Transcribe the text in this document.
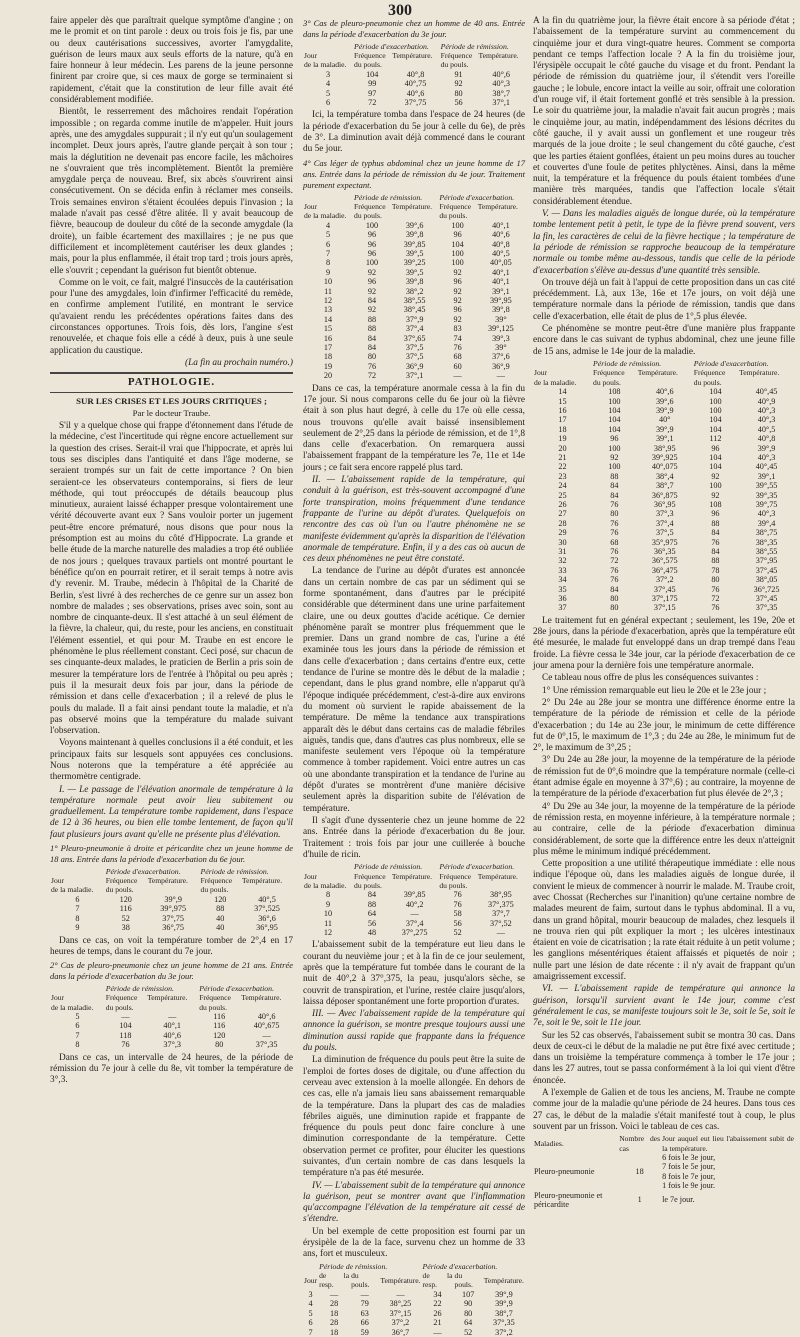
300

faire appeler dès que paraîtrait quelque symptôme d'angine ; on me le promit et on tint parole : deux ou trois fois je fis, par une ou deux cautérisations successives, avorter l'amygdalite, guérison de leurs maux aux seuls efforts de la nature, qu'à en faire honneur à leur médecin. Les parens de la jeune personne finirent par croire que, si ces maux de gorge se terminaient si rapidement, c'était que la constitution de leur fille avait été considérablement modifiée.

Bientôt, le resserrement des mâchoires rendait l'opération impossible ; on regarda comme inutile de m'appeler. Huit jours après, une des amygdales suppurait ; il n'y eut qu'un soulagement incomplet. Deux jours après, l'autre glande perçait à son tour ; mais la déglutition ne devenait pas encore facile, les mâchoires ne s'ouvraient que très incomplètement. Bientôt la première amygdale perça de nouveau. Bref, six abcès s'ouvrirent ainsi consécutivement. On se décida enfin à réclamer mes conseils. Trois semaines environ s'étaient écoulées depuis l'invasion ; la malade n'avait pas cessé d'être alitée. Il y avait beaucoup de fièvre, beaucoup de douleur du côté de la seconde amygdale (la droite), un faible écartement des maxillaires ; je ne pus que difficilement et incomplètement cautériser les deux glandes ; mais, pour la plus enflammée, il était trop tard ; trois jours après, elle s'ouvrit ; cependant la guérison fut bientôt obtenue.

Comme on le voit, ce fait, malgré l'insuccès de la cautérisation pour l'une des amygdales, loin d'infirmer l'efficacité du remède, en confirme amplement l'utilité, en montrant le service qu'avaient rendu les précédentes opérations faites dans des circonstances opportunes. Trois fois, dès lors, l'angine s'est renouvelée, et chaque fois elle a cédé à deux, puis à une seule application du caustique.

(La fin au prochain numéro.)

PATHOLOGIE.
SUR LES CRISES ET LES JOURS CRITIQUES ;
Par le docteur Traube.

S'il y a quelque chose qui frappe d'étonnement dans l'étude de la médecine, c'est l'incertitude qui règne encore actuellement sur la question des crises. Serait-il vrai que l'hippocrate, et après lui tous ses disciples dans l'antiquité et dans l'âge moderne, se seraient trompés sur un fait de cette importance ? On bien seraient-ce les observateurs contemporains, si fiers de leur méthode, qui tout préoccupés de détails beaucoup plus minutieux, auraient laissé échapper presque volontairement une vérité découverte avant eux ? Sans vouloir porter un jugement peut-être encore prématuré, nous disons que pour nous la présomption est au moins du côté d'Hippocrate. La grande et belle étude de la marche naturelle des maladies a trop été oubliée de nos jours ; quelques travaux partiels ont montré pourtant le bénéfice qu'on en pourrait retirer, et il serait temps à notre avis d'y revenir. M. Traube, médecin à l'hôpital de la Charité de Berlin, s'est livré à des recherches de ce genre sur un assez bon nombre de malades ; ses observations, prises avec soin, sont au nombre de cinquante-deux. Il s'est attaché à un seul élément de la fièvre, la chaleur, qui, du reste, pour les anciens, en constituait l'élément essentiel, et qui pour M. Traube en est encore le phénomène le plus réellement constant. Ceci posé, sur chacun de ses cinquante-deux malades, le praticien de Berlin a pris soin de mesurer la température lors de l'entrée à l'hôpital ou peu après ; puis il la mesurait deux fois par jour, dans la période de rémission et dans celle d'exacerbation ; il a relevé de plus le pouls du malade. Il a fait ainsi pendant toute la maladie, et n'a pas observé moins que la température du malade suivant l'observation.

Voyons maintenant à quelles conclusions il a été conduit, et les principaux faits sur lesquels sont appuyées ces conclusions. Nous noterons que la température a été appréciée au thermomètre centigrade.

I. — Le passage de l'élévation anormale de température à la température normale peut avoir lieu subitement ou graduellement. La température tombe rapidement, dans l'espace de 12 à 36 heures, ou bien elle tombe lentement, de façon qu'il faut plusieurs jours avant qu'elle ne présente plus d'élévation.

1° Pleuro-pneumonie à droite et péricardite chez un jeune homme de 18 ans. Entrée dans la période d'exacerbation du 6e jour.

	Période d'exacerbation.		Période de rémission.	
Jour	Fréquence	Température.	Fréquence	Température.
de la maladie.	du pouls.		du pouls.	
6	120	39°,9	120	40°,5
7	116	39°,975	88	37°,525
8	52	37°,75	40	36°,6
9	38	36°,75	40	36°,95

Dans ce cas, on voit la température tomber de 2°,4 en 17 heures de temps, dans le courant du 7e jour.

2° Cas de pleuro-pneumonie chez un jeune homme de 21 ans. Entrée dans la période d'exacerbation du 3e jour.

	Période de rémission.		Période d'exacerbation.	
Jour	Fréquence	Température.	Fréquence	Température.
de la maladie.	du pouls.		du pouls.	
5	—	—	116	40°,6
6	104	40°,1	116	40°,675
7	118	40°,6	120	—
8	76	37°,3	80	37°,35

Dans ce cas, un intervalle de 24 heures, de la période de rémission du 7e jour à celle du 8e, vit tomber la température de 3°,3.

3° Cas de pleuro-pneumonie chez un homme de 40 ans. Entrée dans la période d'exacerbation du 3e jour.

	Période d'exacerbation.		Période de rémission.	
Jour	Fréquence	Température.	Fréquence	Température.
de la maladie.	du pouls.		du pouls.	
3	104	40°,8	91	40°,6
4	99	40°,75	92	40°,3
5	97	40°,6	80	38°,7
6	72	37°,75	56	37°,1

Ici, la température tomba dans l'espace de 24 heures (de la période d'exacerbation du 5e jour à celle du 6e), de près de 3°. La diminution avait déjà commencé dans le courant du 5e jour.

4° Cas léger de typhus abdominal chez un jeune homme de 17 ans. Entrée dans la période de rémission du 4e jour. Traitement purement expectant.

	Période de rémission.		Période d'exacerbation.	
Jour	Fréquence	Température.	Fréquence	Température.
de la maladie.	du pouls.		du pouls.	
4	100	39°,6	100	40°,1
5	96	39°,8	96	40°,6
6	96	39°,85	104	40°,8
7	96	39°,5	100	40°,5
8	100	39°,25	100	40°,05
9	92	39°,5	92	40°,1
10	96	39°,8	96	40°,1
11	92	38°,2	92	39°,1
12	84	38°,55	92	39°,95
13	92	38°,45	96	39°,8
14	88	37°,9	92	39°
15	88	37°,4	83	39°,125
16	84	37°,65	74	39°,3
17	84	37°,5	76	39°
18	80	37°,5	68	37°,6
19	76	36°,9	60	36°,9
20	72	37°,1	—	—

Dans ce cas, la température anormale cessa à la fin du 17e jour. Si nous comparons celle du 6e jour où la fièvre était à son plus haut degré, à celle du 17e où elle cessa, nous trouvons qu'elle avait baissé insensiblement seulement de 2°,25 dans la période de rémission, et de 1°,8 dans celle d'exacerbation. On remarquera aussi l'abaissement frappant de la température les 7e, 11e et 14e jours ; ce fait sera encore rappelé plus tard.

II. — L'abaissement rapide de la température, qui conduit à la guérison, est très-souvent accompagné d'une forte transpiration, moins fréquemment d'une tendance frappante de l'urine au dépôt d'urates. Quelquefois on rencontre des cas où l'un ou l'autre phénomène ne se manifeste évidemment qu'après la disparition de l'élévation anormale de température. Enfin, il y a des cas où aucun de ces deux phénomènes ne peut être constaté.

La tendance de l'urine au dépôt d'urates est annoncée dans un certain nombre de cas par un sédiment qui se forme spontanément, dans d'autres par le précipité considérable que déterminent dans une urine parfaitement claire, une ou deux gouttes d'acide acétique. Ce dernier phénomène paraît se montrer plus fréquemment que le premier. Dans un grand nombre de cas, l'urine a été examinée tous les jours dans la période de rémission et dans celle d'exacerbation ; dans certains d'entre eux, cette tendance de l'urine se montre dès le début de la maladie ; cependant, dans le plus grand nombre, elle n'apparut qu'à l'époque indiquée précédemment, c'est-à-dire aux environs du moment où survient le rapide abaissement de la température. De même la tendance aux transpirations apparaît dès le début dans certains cas de maladie fébriles aiguës, tandis que, dans d'autres cas plus nombreux, elle se manifeste seulement vers l'époque où la température commence à tomber rapidement. Voici entre autres un cas où une abondante transpiration et la tendance de l'urine au dépôt d'urates se montrèrent d'une manière décisive seulement après la disparition subite de l'élévation de température.

Il s'agit d'une dyssenterie chez un jeune homme de 22 ans. Entrée dans la période d'exacerbation du 8e jour. Traitement : trois fois par jour une cuillerée à bouche d'huile de ricin.

	Période de rémission.		Période d'exacerbation.	
Jour	Fréquence	Température.	Fréquence	Température.
de la maladie.	du pouls.		du pouls.	
8	84	39°,85	76	38°,95
9	88	40°,2	76	37°,375
10	64	—	58	37°,7
11	56	37°,4	56	37°,52
12	48	37°,275	52	—

L'abaissement subit de la température eut lieu dans le courant du neuvième jour ; et à la fin de ce jour seulement, après que la température fut tombée dans le courant de la nuit de 40°,2 à 37°,375, la peau, jusqu'alors sèche, se couvrit de transpiration, et l'urine, restée claire jusqu'alors, laissa déposer spontanément une forte proportion d'urates.

III. — Avec l'abaissement rapide de la température qui annonce la guérison, se montre presque toujours aussi une diminution aussi rapide que frappante dans la fréquence du pouls.

La diminution de fréquence du pouls peut être la suite de l'emploi de fortes doses de digitale, ou d'une affection du cerveau avec extension à la moelle allongée. En dehors de ces cas, elle n'a jamais lieu sans abaissement remarquable de la température. Dans la plupart des cas de maladies fébriles aiguës, une diminution rapide et frappante de fréquence du pouls peut donc faire conclure à une diminution correspondante de la température. Cette observation permet ce profiter, pour éluciter les questions suivantes, d'un certain nombre de cas dans lesquels la température n'a pas été mesurée.

IV. — L'abaissement subit de la température qui annonce la guérison, peut se montrer avant que l'inflammation qu'accompagne l'élévation de la température ait cessé de s'étendre.

Un bel exemple de cette proposition est fourni par un érysipèle de la de la face, survenu chez un homme de 33 ans, fort et musculeux.

	Période de rémission.			Période d'exacerbation.		
Jour	de la resp.	du pouls.	Température.	de la resp.	du pouls.	Température.
3	—	—	—	34	107	39°,9
4	28	79	38°,25	22	90	39°,9
5	18	63	37°,15	26	80	38°,7
6	28	66	37°,2	21	64	37°,35
7	18	59	36°,7	—	52	37°,2

A la fin du quatrième jour, la fièvre était encore à sa période d'état ; l'abaissement de la température survint au commencement du cinquième jour et dura vingt-quatre heures. Comment se comporta pendant ce temps l'affection locale ? A la fin du troisième jour, l'érysipèle occupait le côté gauche du visage et du front. Pendant la période de rémission du quatrième jour, il s'étendit vers l'oreille gauche ; le lobule, encore intact la veille au soir, offrait une coloration d'un rouge vif, il était fortement gonflé et très sensible à la pression. Le soir du quatrième jour, la maladie n'avait fait aucun progrès ; mais le cinquième jour, au matin, indépendamment des lésions décrites du côté gauche, il y avait aussi un gonflement et une rougeur très marqués de la joue droite ; le seul changement du côté gauche, c'est que les parties étaient gonflées, étaient un peu moins dures au toucher et couvertes d'une foule de petites phlyctènes. Ainsi, dans la même nuit, la température et la fréquence du pouls étaient tombées d'une manière très marquées, tandis que l'affection locale s'était considérablement étendue.

V. — Dans les maladies aiguës de longue durée, où la température tombe lentement petit à petit, le type de la fièvre prend souvent, vers la fin, les caractères de celui de la fièvre hectique ; la température de la période de rémission se rapproche beaucoup de la température normale ou tombe même au-dessous, tandis que celle de la période d'exacerbation s'élève au-dessus d'une quantité très sensible.

On trouve déjà un fait à l'appui de cette proposition dans un cas cité précédemment. Là, aux 13e, 16e et 17e jours, on voit déjà une température normale dans la période de rémission, tandis que dans celle d'exacerbation, elle était de plus de 1°,5 plus élevée.

Ce phénomène se montre peut-être d'une manière plus frappante encore dans le cas suivant de typhus abdominal, chez une jeune fille de 15 ans, admise le 14e jour de la maladie.

	Période de rémission.		Période d'exacerbation.	
Jour	Fréquence	Température.	Fréquence	Température.
de la maladie.	du pouls.		du pouls.	
14	108	40°,6	104	40°,45
15	100	39°,6	100	40°,9
16	104	39°,9	100	40°,3
17	104	40°	104	40°,3
18	104	39°,9	104	40°,5
19	96	39°,1	112	40°,8
20	100	38°,95	96	39°,9
21	92	39°,925	104	40°,3
22	100	40°,075	104	40°,45
23	88	38°,4	92	39°,1
24	84	38°,7	100	39°,55
25	84	36°,875	92	39°,35
26	76	36°,95	108	39°,75
27	80	37°,3	96	40°,3
28	76	37°,4	88	39°,4
29	76	37°,5	84	38°,75
30	68	35°,975	76	38°,35
31	76	36°,35	84	38°,55
32	72	36°,575	88	37°,95
33	76	36°,475	78	37°,45
34	76	37°,2	80	38°,05
35	84	37°,45	76	36°,725
36	80	37°,175	72	37°,45
37	80	37°,15	76	37°,35

Le traitement fut en général expectant ; seulement, les 19e, 20e et 28e jours, dans la période d'exacerbation, après que la température eût été mesurée, le malade fut enveloppé dans un drap trempé dans l'eau froide. La fièvre cessa le 34e jour, car la période d'exacerbation de ce jour amena pour la dernière fois une température anormale.

Ce tableau nous offre de plus les conséquences suivantes :

1° Une rémission remarquable eut lieu le 20e et le 23e jour ;

2° Du 24e au 28e jour se montra une différence énorme entre la température de la période de rémission et celle de la période d'exacerbation ; du 14e au 23e jour, le minimum de cette différence fut de 0°,15, le maximum de 1°,3 ; du 24e au 28e, le minimum fut de 2°, le maximum de 3°,25 ;

3° Du 24e au 28e jour, la moyenne de la température de la période de rémission fut de 0°,6 moindre que la température normale (celle-ci étant admise égale en moyenne à 37°,6) ; au contraire, la moyenne de la température de la période d'exacerbation fut plus élevée de 2°,3 ;

4° Du 29e au 34e jour, la moyenne de la température de la période de rémission resta, en moyenne inférieure, à la température normale ; au contraire, celle de la période d'exacerbation diminua considérablement, de sorte que la différence entre les deux n'atteignit plus même le minimum indiqué précédemment.

Cette proposition a une utilité thérapeutique immédiate : elle nous indique l'époque où, dans les maladies aiguës de longue durée, il convient le mieux de commencer à nourrir le malade. M. Traube croit, avec Chossat (Recherches sur l'inanition) qu'une certaine nombre de malades meurent de faim, surtout dans le typhus abdominal. Il a vu, dans un grand hôpital, mourir beaucoup de malades, chez lesquels il ne trouva rien qui pût expliquer la mort ; les ulcères intestinaux étaient en voie de cicatrisation ; la rate était réduite à un petit volume ; les ganglions mésentériques étaient affaissés et piquetés de noir ; nulle part une lésion de date récente : il n'y avait de frappant qu'un amaigrissement excessif.

VI. — L'abaissement rapide de température qui annonce la guérison, lorsqu'il survient avant le 14e jour, comme c'est généralement le cas, se manifeste toujours soit le 3e, soit le 5e, soit le 7e, soit le 9e, soit le 11e jour.

Sur les 52 cas observés, l'abaissement subit se montra 30 cas. Dans deux de ceux-ci le début de la maladie ne put être fixé avec certitude ; dans un troisième la température commença à tomber le 17e jour ; dans les 27 autres, tout se passa conformément à la loi qui vient d'être énoncée.

A l'exemple de Galien et de tous les anciens, M. Traube ne compte comme jour de la maladie qu'une période de 24 heures. Dans tous ces 27 cas, le début de la maladie s'était manifesté tout à coup, le plus souvent par un frisson. Voici le tableau de ces cas.

Maladies.	Nombre des cas	Jour auquel eut lieu l'abaissement subit de la température.
Pleuro-pneumonie	18	6 fois le 3e jour,
7 fois le 5e jour,
8 fois le 7e jour,
1 fois le 9e jour.

Pleuro-pneumonie et péricardite	1	le 7e jour.
